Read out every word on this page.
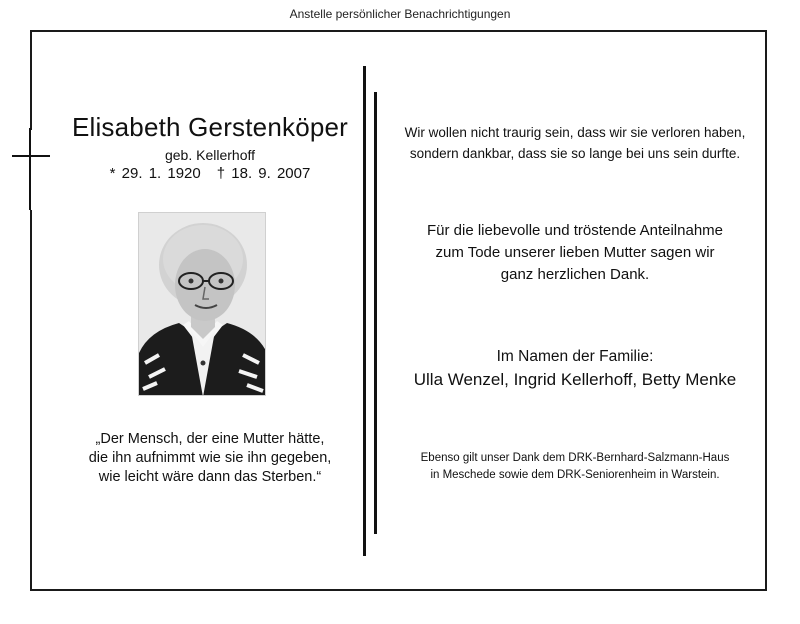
Anstelle persönlicher Benachrichtigungen
Elisabeth Gerstenköper
geb. Kellerhoff
* 29. 1. 1920 † 18. 9. 2007
„Der Mensch, der eine Mutter hätte,
die ihn aufnimmt wie sie ihn gegeben,
wie leicht wäre dann das Sterben.“
Wir wollen nicht traurig sein, dass wir sie verloren haben,
sondern dankbar, dass sie so lange bei uns sein durfte.
Für die liebevolle und tröstende Anteilnahme
zum Tode unserer lieben Mutter sagen wir
ganz herzlichen Dank.
Im Namen der Familie:
Ulla Wenzel, Ingrid Kellerhoff, Betty Menke
Ebenso gilt unser Dank dem DRK-Bernhard-Salzmann-Haus
in Meschede sowie dem DRK-Seniorenheim in Warstein.
